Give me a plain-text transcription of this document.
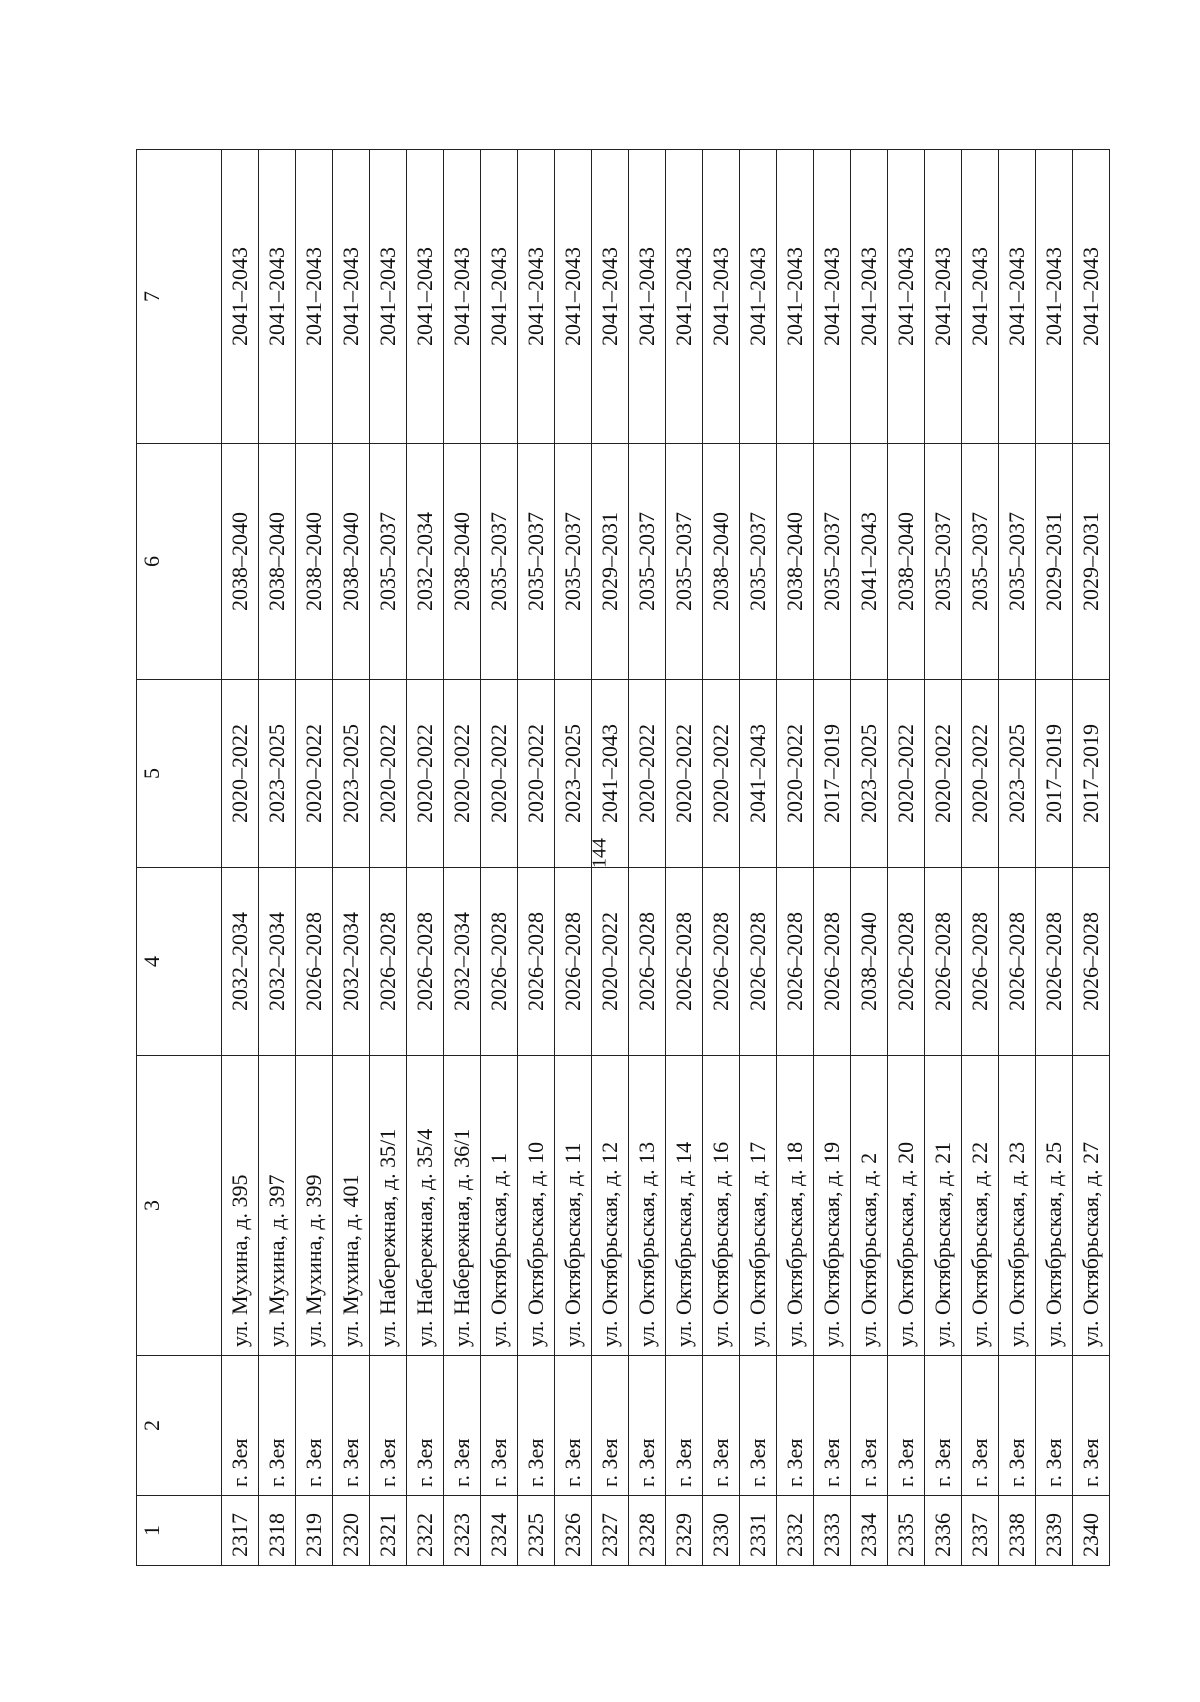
144
1	2	3	4	5	6	7
2317	г. Зея	ул. Мухина, д. 395	2032–2034	2020–2022	2038–2040	2041–2043
2318	г. Зея	ул. Мухина, д. 397	2032–2034	2023–2025	2038–2040	2041–2043
2319	г. Зея	ул. Мухина, д. 399	2026–2028	2020–2022	2038–2040	2041–2043
2320	г. Зея	ул. Мухина, д. 401	2032–2034	2023–2025	2038–2040	2041–2043
2321	г. Зея	ул. Набережная, д. 35/1	2026–2028	2020–2022	2035–2037	2041–2043
2322	г. Зея	ул. Набережная, д. 35/4	2026–2028	2020–2022	2032–2034	2041–2043
2323	г. Зея	ул. Набережная, д. 36/1	2032–2034	2020–2022	2038–2040	2041–2043
2324	г. Зея	ул. Октябрьская, д. 1	2026–2028	2020–2022	2035–2037	2041–2043
2325	г. Зея	ул. Октябрьская, д. 10	2026–2028	2020–2022	2035–2037	2041–2043
2326	г. Зея	ул. Октябрьская, д. 11	2026–2028	2023–2025	2035–2037	2041–2043
2327	г. Зея	ул. Октябрьская, д. 12	2020–2022	2041–2043	2029–2031	2041–2043
2328	г. Зея	ул. Октябрьская, д. 13	2026–2028	2020–2022	2035–2037	2041–2043
2329	г. Зея	ул. Октябрьская, д. 14	2026–2028	2020–2022	2035–2037	2041–2043
2330	г. Зея	ул. Октябрьская, д. 16	2026–2028	2020–2022	2038–2040	2041–2043
2331	г. Зея	ул. Октябрьская, д. 17	2026–2028	2041–2043	2035–2037	2041–2043
2332	г. Зея	ул. Октябрьская, д. 18	2026–2028	2020–2022	2038–2040	2041–2043
2333	г. Зея	ул. Октябрьская, д. 19	2026–2028	2017–2019	2035–2037	2041–2043
2334	г. Зея	ул. Октябрьская, д. 2	2038–2040	2023–2025	2041–2043	2041–2043
2335	г. Зея	ул. Октябрьская, д. 20	2026–2028	2020–2022	2038–2040	2041–2043
2336	г. Зея	ул. Октябрьская, д. 21	2026–2028	2020–2022	2035–2037	2041–2043
2337	г. Зея	ул. Октябрьская, д. 22	2026–2028	2020–2022	2035–2037	2041–2043
2338	г. Зея	ул. Октябрьская, д. 23	2026–2028	2023–2025	2035–2037	2041–2043
2339	г. Зея	ул. Октябрьская, д. 25	2026–2028	2017–2019	2029–2031	2041–2043
2340	г. Зея	ул. Октябрьская, д. 27	2026–2028	2017–2019	2029–2031	2041–2043
